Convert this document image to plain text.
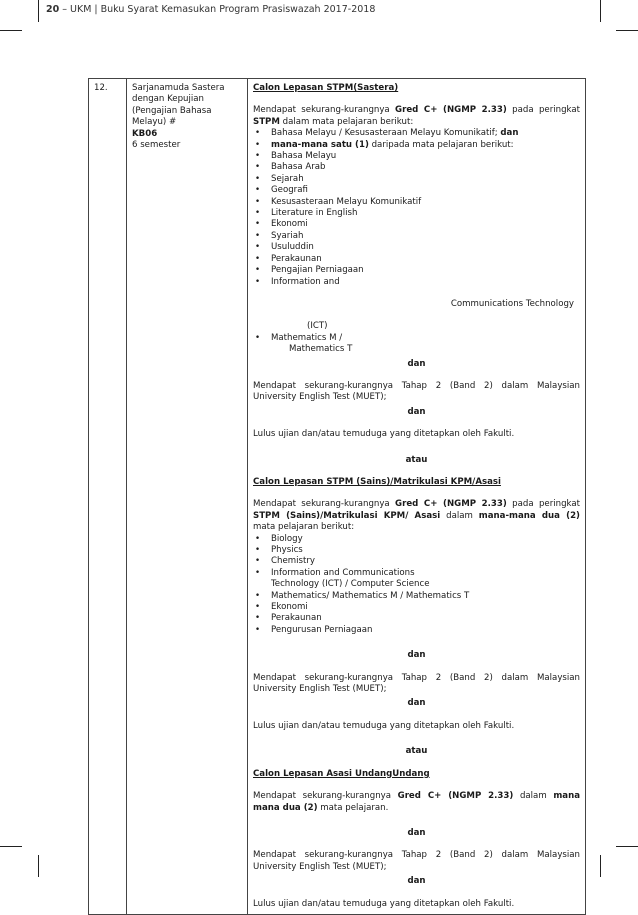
20 – UKM | Buku Syarat Kemasukan Program Prasiswazah 2017-2018
12.	Sarjanamuda Sastera dengan Kepujian (Pengajian Bahasa Melayu) #
KB06
6 semester

Calon Lepasan STPM(Sastera)

Mendapat sekurang-kurangnya Gred C+ (NGMP 2.33) pada peringkat STPM dalam mata pelajaran berikut:

• Bahasa Melayu / Kesusasteraan Melayu Komunikatif; dan
• mana-mana satu (1) daripada mata pelajaran berikut:
• Bahasa Melayu
• Bahasa Arab
• Sejarah
• Geografi
• Kesusasteraan Melayu Komunikatif
• Literature in English
• Ekonomi
• Syariah
• Usuluddin
• Perakaunan
• Pengajian Perniagaan
• Information and
Communications Technology
(ICT)
• Mathematics M /
Mathematics T
dan

Mendapat sekurang-kurangnya Tahap 2 (Band 2) dalam Malaysian University English Test (MUET);

dan

Lulus ujian dan/atau temuduga yang ditetapkan oleh Fakulti.

atau
Calon Lepasan STPM (Sains)/Matrikulasi KPM/Asasi

Mendapat sekurang-kurangnya Gred C+ (NGMP 2.33) pada peringkat STPM (Sains)/Matrikulasi KPM/ Asasi dalam mana-mana dua (2) mata pelajaran berikut:

• Biology
• Physics
• Chemistry
• Information and Communications
Technology (ICT) / Computer Science
• Mathematics/ Mathematics M / Mathematics T
• Ekonomi
• Perakaunan
• Pengurusan Perniagaan
dan

Mendapat sekurang-kurangnya Tahap 2 (Band 2) dalam Malaysian University English Test (MUET);

dan

Lulus ujian dan/atau temuduga yang ditetapkan oleh Fakulti.

atau
Calon Lepasan Asasi UndangUndang

Mendapat sekurang-kurangnya Gred C+ (NGMP 2.33) dalam mana mana dua (2) mata pelajaran.

dan

Mendapat sekurang-kurangnya Tahap 2 (Band 2) dalam Malaysian University English Test (MUET);

dan

Lulus ujian dan/atau temuduga yang ditetapkan oleh Fakulti.
